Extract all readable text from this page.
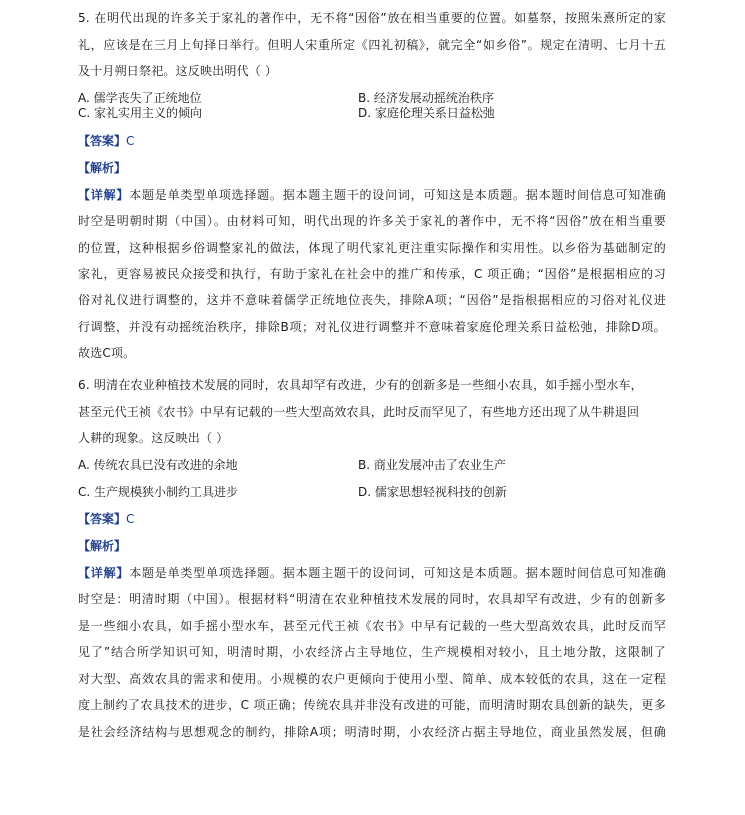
5. 在明代出现的许多关于家礼的著作中，无不将“因俗”放在相当重要的位置。如墓祭，按照朱熹所定的家
礼，应该是在三月上旬择日举行。但明人宋重所定《四礼初稿》，就完全“如乡俗”。规定在清明、七月十五
及十月朔日祭祀。这反映出明代（ ）
A. 儒学丧失了正统地位	B. 经济发展动摇统治秩序
C. 家礼实用主义的倾向	D. 家庭伦理关系日益松弛
【答案】C
【解析】
【详解】本题是单类型单项选择题。据本题主题干的设问词，可知这是本质题。据本题时间信息可知准确
时空是明朝时期（中国）。由材料可知，明代出现的许多关于家礼的著作中，无不将“因俗”放在相当重要
的位置，这种根据乡俗调整家礼的做法，体现了明代家礼更注重实际操作和实用性。以乡俗为基础制定的
家礼，更容易被民众接受和执行，有助于家礼在社会中的推广和传承，C 项正确；“因俗”是根据相应的习
俗对礼仪进行调整的，这并不意味着儒学正统地位丧失，排除A项；“因俗”是指根据相应的习俗对礼仪进
行调整，并没有动摇统治秩序，排除B项；对礼仪进行调整并不意味着家庭伦理关系日益松弛，排除D项。
故选C项。
6. 明清在农业种植技术发展的同时，农具却罕有改进，少有的创新多是一些细小农具，如手摇小型水车，
甚至元代王祯《农书》中早有记载的一些大型高效农具，此时反而罕见了，有些地方还出现了从牛耕退回
人耕的现象。这反映出（ ）
A. 传统农具已没有改进的余地	B. 商业发展冲击了农业生产
C. 生产规模狭小制约工具进步	D. 儒家思想轻视科技的创新
【答案】C
【解析】
【详解】本题是单类型单项选择题。据本题主题干的设问词，可知这是本质题。据本题时间信息可知准确
时空是：明清时期（中国）。根据材料“明清在农业种植技术发展的同时，农具却罕有改进，少有的创新多
是一些细小农具，如手摇小型水车，甚至元代王祯《农书》中早有记载的一些大型高效农具，此时反而罕
见了”结合所学知识可知，明清时期，小农经济占主导地位，生产规模相对较小，且土地分散，这限制了
对大型、高效农具的需求和使用。小规模的农户更倾向于使用小型、简单、成本较低的农具，这在一定程
度上制约了农具技术的进步，C 项正确；传统农具并非没有改进的可能，而明清时期农具创新的缺失，更多
是社会经济结构与思想观念的制约，排除A项；明清时期，小农经济占据主导地位，商业虽然发展，但确
